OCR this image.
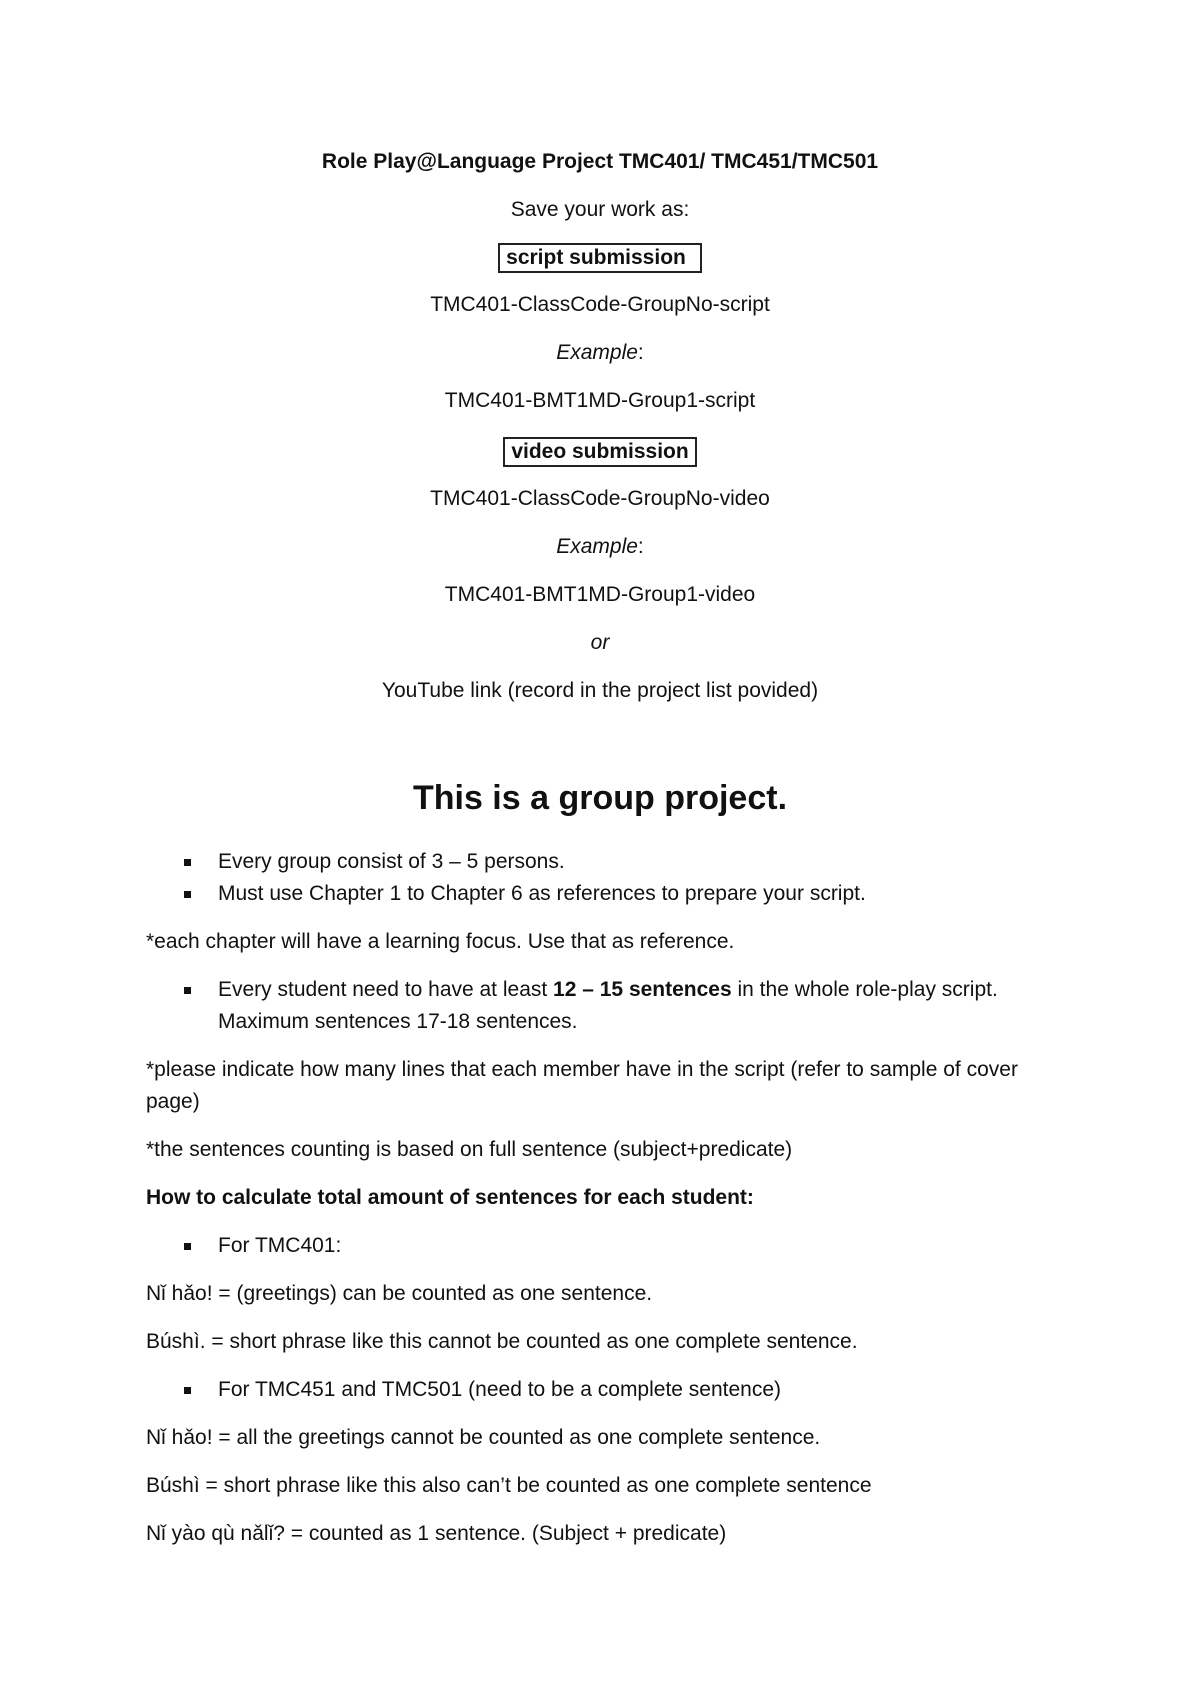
Role Play@Language Project TMC401/ TMC451/TMC501
Save your work as:
script submission
TMC401-ClassCode-GroupNo-script
Example:
TMC401-BMT1MD-Group1-script
video submission
TMC401-ClassCode-GroupNo-video
Example:
TMC401-BMT1MD-Group1-video
or
YouTube link (record in the project list povided)
This is a group project.
Every group consist of 3 – 5 persons.
Must use Chapter 1 to Chapter 6 as references to prepare your script.
*each chapter will have a learning focus. Use that as reference.
Every student need to have at least 12 – 15 sentences in the whole role-play script. Maximum sentences 17-18 sentences.
*please indicate how many lines that each member have in the script (refer to sample of cover page)
*the sentences counting is based on full sentence (subject+predicate)
How to calculate total amount of sentences for each student:
For TMC401:
Nǐ hǎo! = (greetings) can be counted as one sentence.
Búshì. = short phrase like this cannot be counted as one complete sentence.
For TMC451 and TMC501 (need to be a complete sentence)
Nǐ hǎo! = all the greetings cannot be counted as one complete sentence.
Búshì = short phrase like this also can’t be counted as one complete sentence
Nǐ yào qù nǎlǐ? = counted as 1 sentence. (Subject + predicate)
